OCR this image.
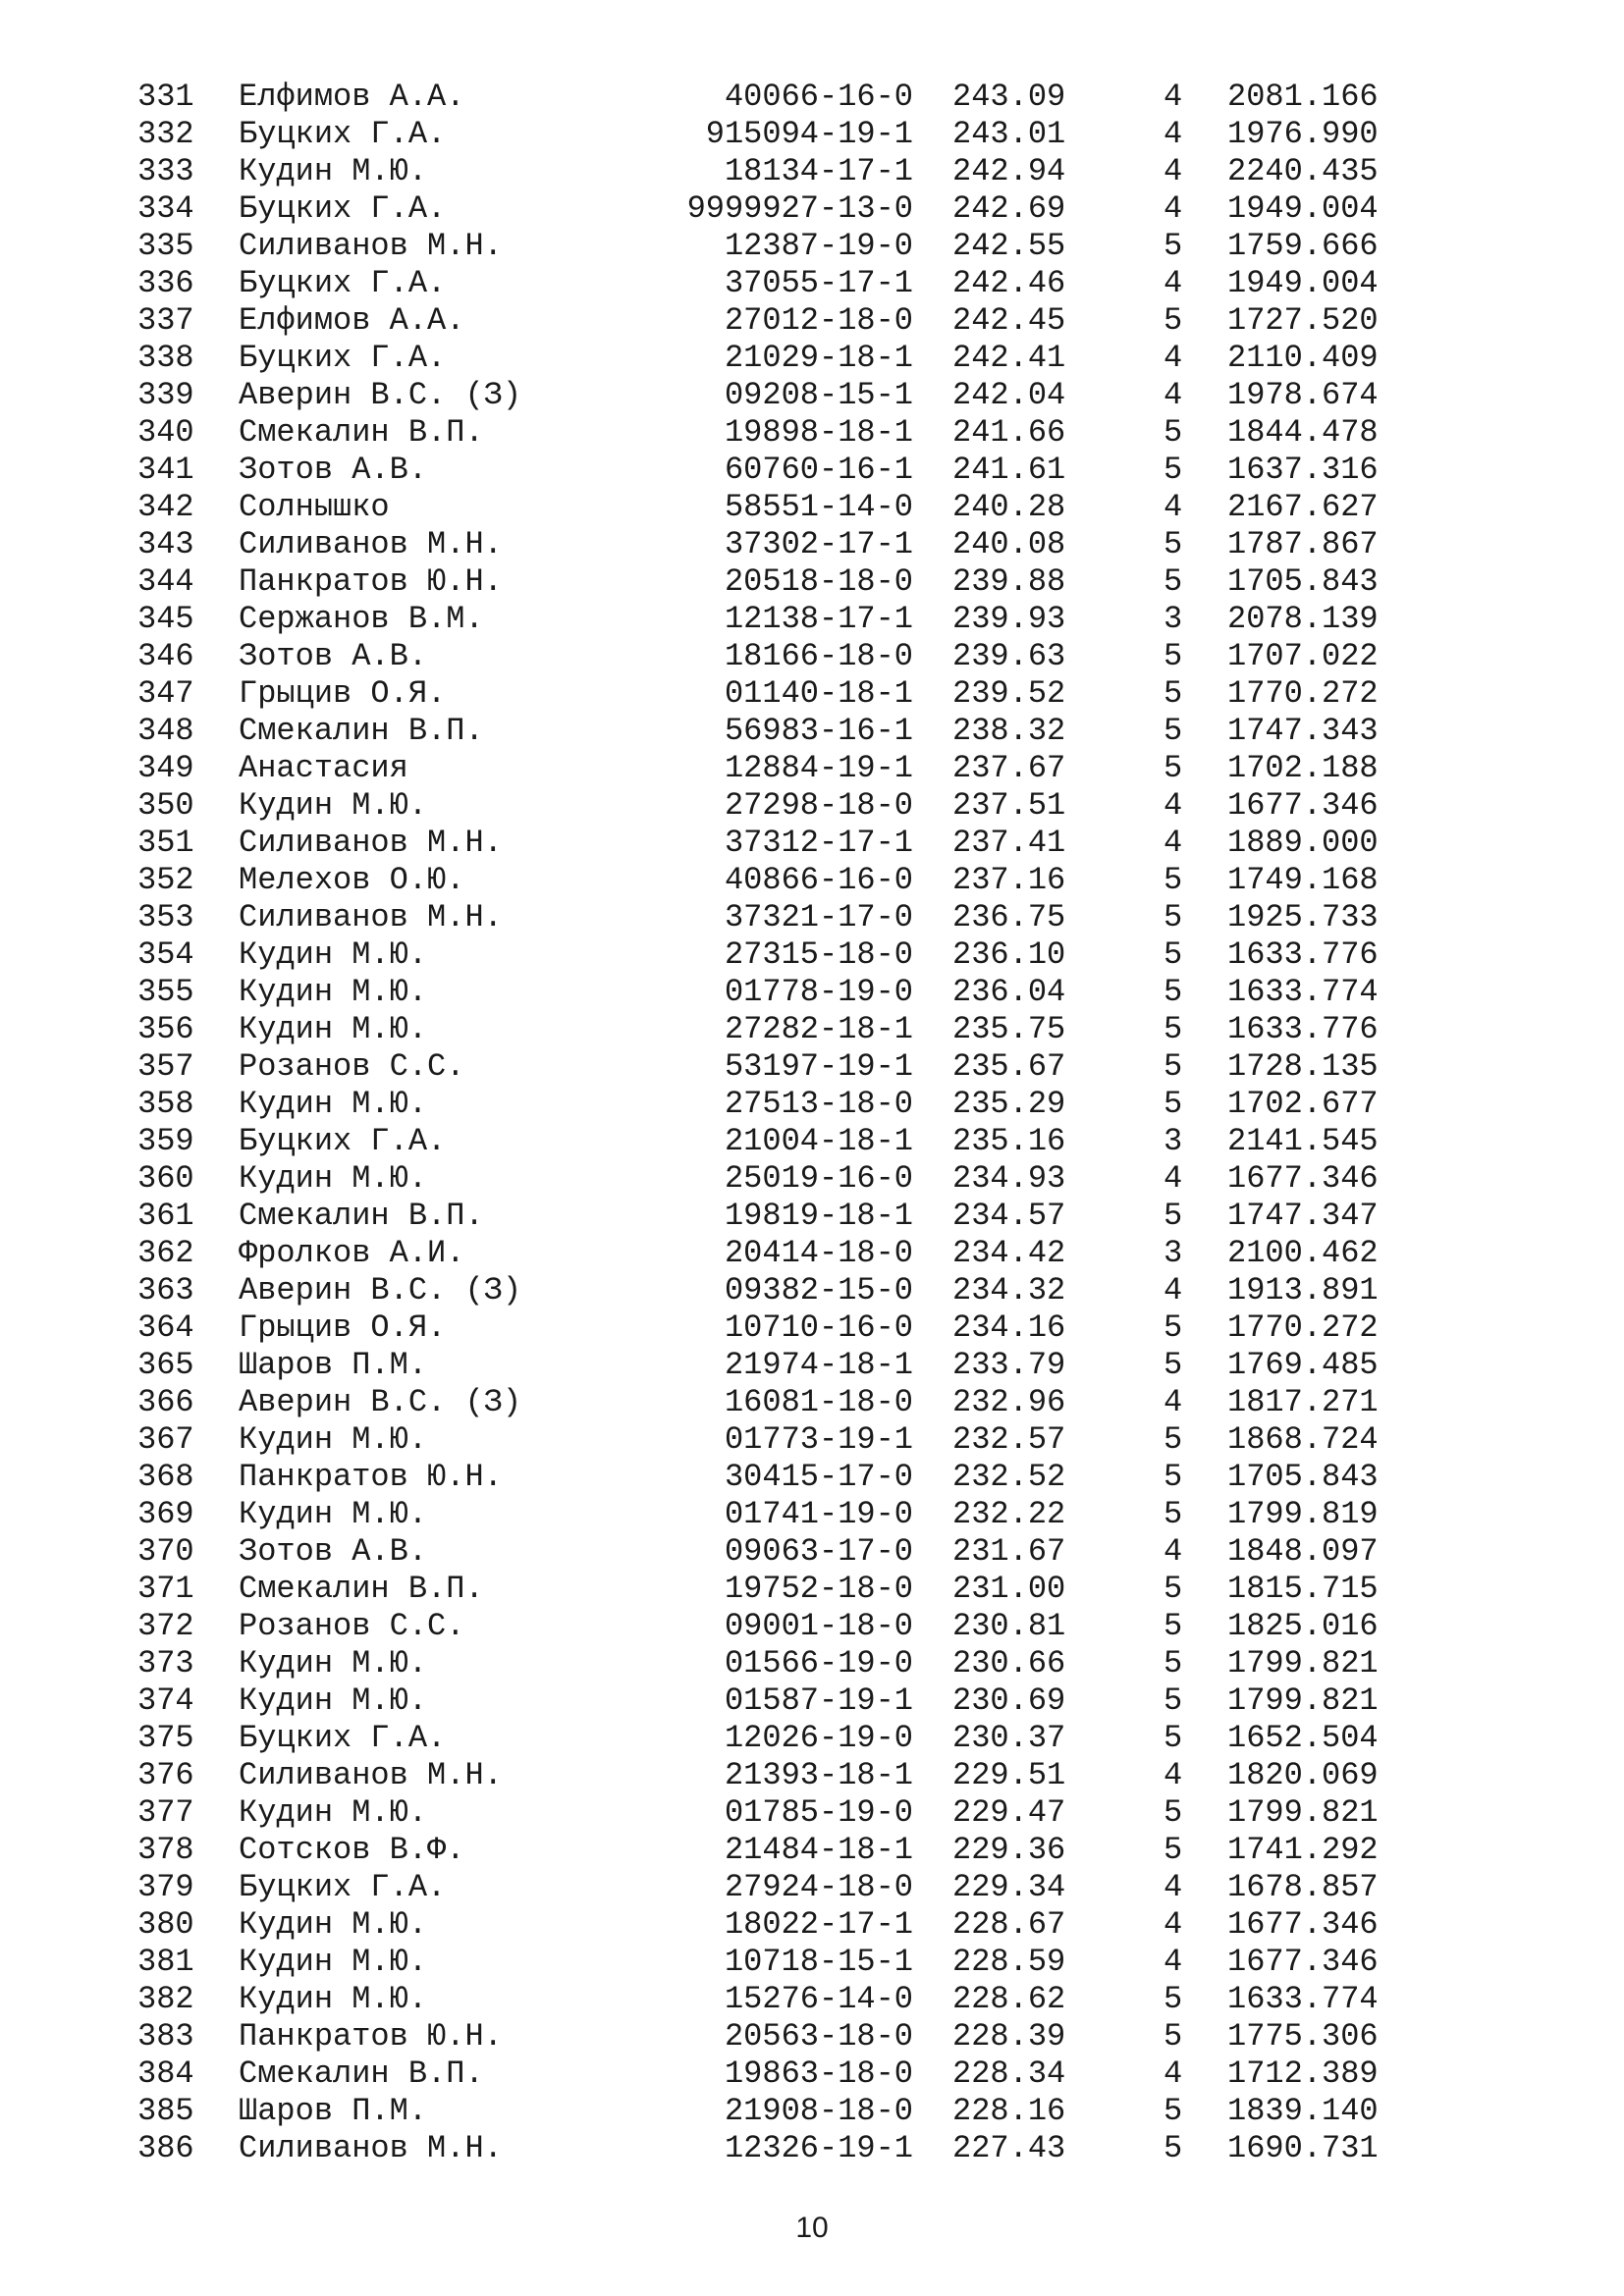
331	Елфимов А.А.	40066-16-0 243.09	4	2081.166
332	Буцких Г.А.	915094-19-1 243.01	4	1976.990
333	Кудин М.Ю.	18134-17-1 242.94	4	2240.435
334	Буцких Г.А.	9999927-13-0 242.69	4	1949.004
335	Силиванов М.Н.	12387-19-0 242.55	5	1759.666
336	Буцких Г.А.	37055-17-1 242.46	4	1949.004
337	Елфимов А.А.	27012-18-0 242.45	5	1727.520
338	Буцких Г.А.	21029-18-1 242.41	4	2110.409
339	Аверин В.С. (З)	09208-15-1 242.04	4	1978.674
340	Смекалин В.П.	19898-18-1 241.66	5	1844.478
341	Зотов А.В.	60760-16-1 241.61	5	1637.316
342	Солнышко	58551-14-0 240.28	4	2167.627
343	Силиванов М.Н.	37302-17-1 240.08	5	1787.867
344	Панкратов Ю.Н.	20518-18-0 239.88	5	1705.843
345	Сержанов В.М.	12138-17-1 239.93	3	2078.139
346	Зотов А.В.	18166-18-0 239.63	5	1707.022
347	Грыцив О.Я.	01140-18-1 239.52	5	1770.272
348	Смекалин В.П.	56983-16-1 238.32	5	1747.343
349	Анастасия	12884-19-1 237.67	5	1702.188
350	Кудин М.Ю.	27298-18-0 237.51	4	1677.346
351	Силиванов М.Н.	37312-17-1 237.41	4	1889.000
352	Мелехов О.Ю.	40866-16-0 237.16	5	1749.168
353	Силиванов М.Н.	37321-17-0 236.75	5	1925.733
354	Кудин М.Ю.	27315-18-0 236.10	5	1633.776
355	Кудин М.Ю.	01778-19-0 236.04	5	1633.774
356	Кудин М.Ю.	27282-18-1 235.75	5	1633.776
357	Розанов С.С.	53197-19-1 235.67	5	1728.135
358	Кудин М.Ю.	27513-18-0 235.29	5	1702.677
359	Буцких Г.А.	21004-18-1 235.16	3	2141.545
360	Кудин М.Ю.	25019-16-0 234.93	4	1677.346
361	Смекалин В.П.	19819-18-1 234.57	5	1747.347
362	Фролков А.И.	20414-18-0 234.42	3	2100.462
363	Аверин В.С. (З)	09382-15-0 234.32	4	1913.891
364	Грыцив О.Я.	10710-16-0 234.16	5	1770.272
365	Шаров П.М.	21974-18-1 233.79	5	1769.485
366	Аверин В.С. (З)	16081-18-0 232.96	4	1817.271
367	Кудин М.Ю.	01773-19-1 232.57	5	1868.724
368	Панкратов Ю.Н.	30415-17-0 232.52	5	1705.843
369	Кудин М.Ю.	01741-19-0 232.22	5	1799.819
370	Зотов А.В.	09063-17-0 231.67	4	1848.097
371	Смекалин В.П.	19752-18-0 231.00	5	1815.715
372	Розанов С.С.	09001-18-0 230.81	5	1825.016
373	Кудин М.Ю.	01566-19-0 230.66	5	1799.821
374	Кудин М.Ю.	01587-19-1 230.69	5	1799.821
375	Буцких Г.А.	12026-19-0 230.37	5	1652.504
376	Силиванов М.Н.	21393-18-1 229.51	4	1820.069
377	Кудин М.Ю.	01785-19-0 229.47	5	1799.821
378	Сотсков В.Ф.	21484-18-1 229.36	5	1741.292
379	Буцких Г.А.	27924-18-0 229.34	4	1678.857
380	Кудин М.Ю.	18022-17-1 228.67	4	1677.346
381	Кудин М.Ю.	10718-15-1 228.59	4	1677.346
382	Кудин М.Ю.	15276-14-0 228.62	5	1633.774
383	Панкратов Ю.Н.	20563-18-0 228.39	5	1775.306
384	Смекалин В.П.	19863-18-0 228.34	4	1712.389
385	Шаров П.М.	21908-18-0 228.16	5	1839.140
386	Силиванов М.Н.	12326-19-1 227.43	5	1690.731
10
